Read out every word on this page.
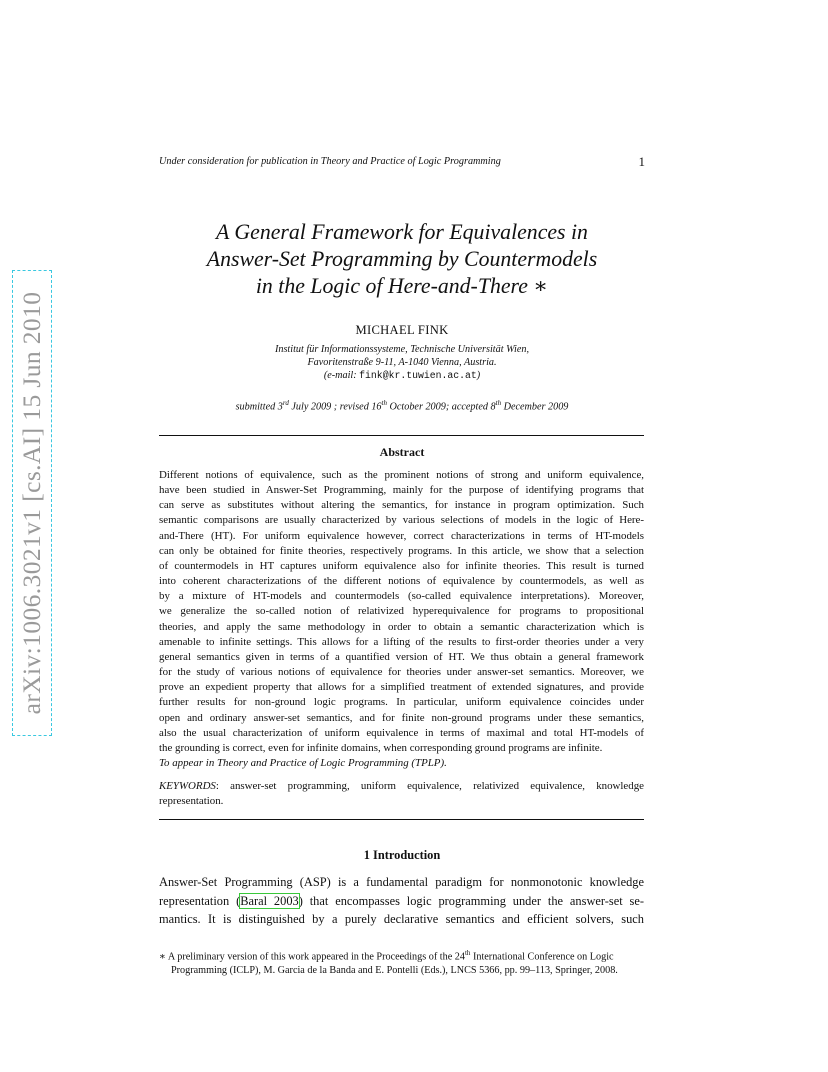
Under consideration for publication in Theory and Practice of Logic Programming	1
arXiv:1006.3021v1 [cs.AI] 15 Jun 2010
A General Framework for Equivalences in
Answer-Set Programming by Countermodels
in the Logic of Here-and-There ∗
MICHAEL FINK
Institut für Informationssysteme, Technische Universität Wien,
Favoritenstraße 9-11, A-1040 Vienna, Austria.
(e-mail: fink@kr.tuwien.ac.at)
submitted 3rd July 2009 ; revised 16th October 2009; accepted 8th December 2009
Abstract
Different notions of equivalence, such as the prominent notions of strong and uniform equivalence,
have been studied in Answer-Set Programming, mainly for the purpose of identifying programs that
can serve as substitutes without altering the semantics, for instance in program optimization. Such
semantic comparisons are usually characterized by various selections of models in the logic of Here-
and-There (HT). For uniform equivalence however, correct characterizations in terms of HT-models
can only be obtained for finite theories, respectively programs. In this article, we show that a selection
of countermodels in HT captures uniform equivalence also for infinite theories. This result is turned
into coherent characterizations of the different notions of equivalence by countermodels, as well as
by a mixture of HT-models and countermodels (so-called equivalence interpretations). Moreover,
we generalize the so-called notion of relativized hyperequivalence for programs to propositional
theories, and apply the same methodology in order to obtain a semantic characterization which is
amenable to infinite settings. This allows for a lifting of the results to first-order theories under a very
general semantics given in terms of a quantified version of HT. We thus obtain a general framework
for the study of various notions of equivalence for theories under answer-set semantics. Moreover, we
prove an expedient property that allows for a simplified treatment of extended signatures, and provide
further results for non-ground logic programs. In particular, uniform equivalence coincides under
open and ordinary answer-set semantics, and for finite non-ground programs under these semantics,
also the usual characterization of uniform equivalence in terms of maximal and total HT-models of
the grounding is correct, even for infinite domains, when corresponding ground programs are infinite.
To appear in Theory and Practice of Logic Programming (TPLP).
KEYWORDS: answer-set programming, uniform equivalence, relativized equivalence, knowledge
representation.
1 Introduction
Answer-Set Programming (ASP) is a fundamental paradigm for nonmonotonic knowledge
representation (Baral 2003) that encompasses logic programming under the answer-set se-
mantics. It is distinguished by a purely declarative semantics and efficient solvers, such
∗ A preliminary version of this work appeared in the Proceedings of the 24th International Conference on Logic
Programming (ICLP), M. Garcia de la Banda and E. Pontelli (Eds.), LNCS 5366, pp. 99–113, Springer, 2008.
